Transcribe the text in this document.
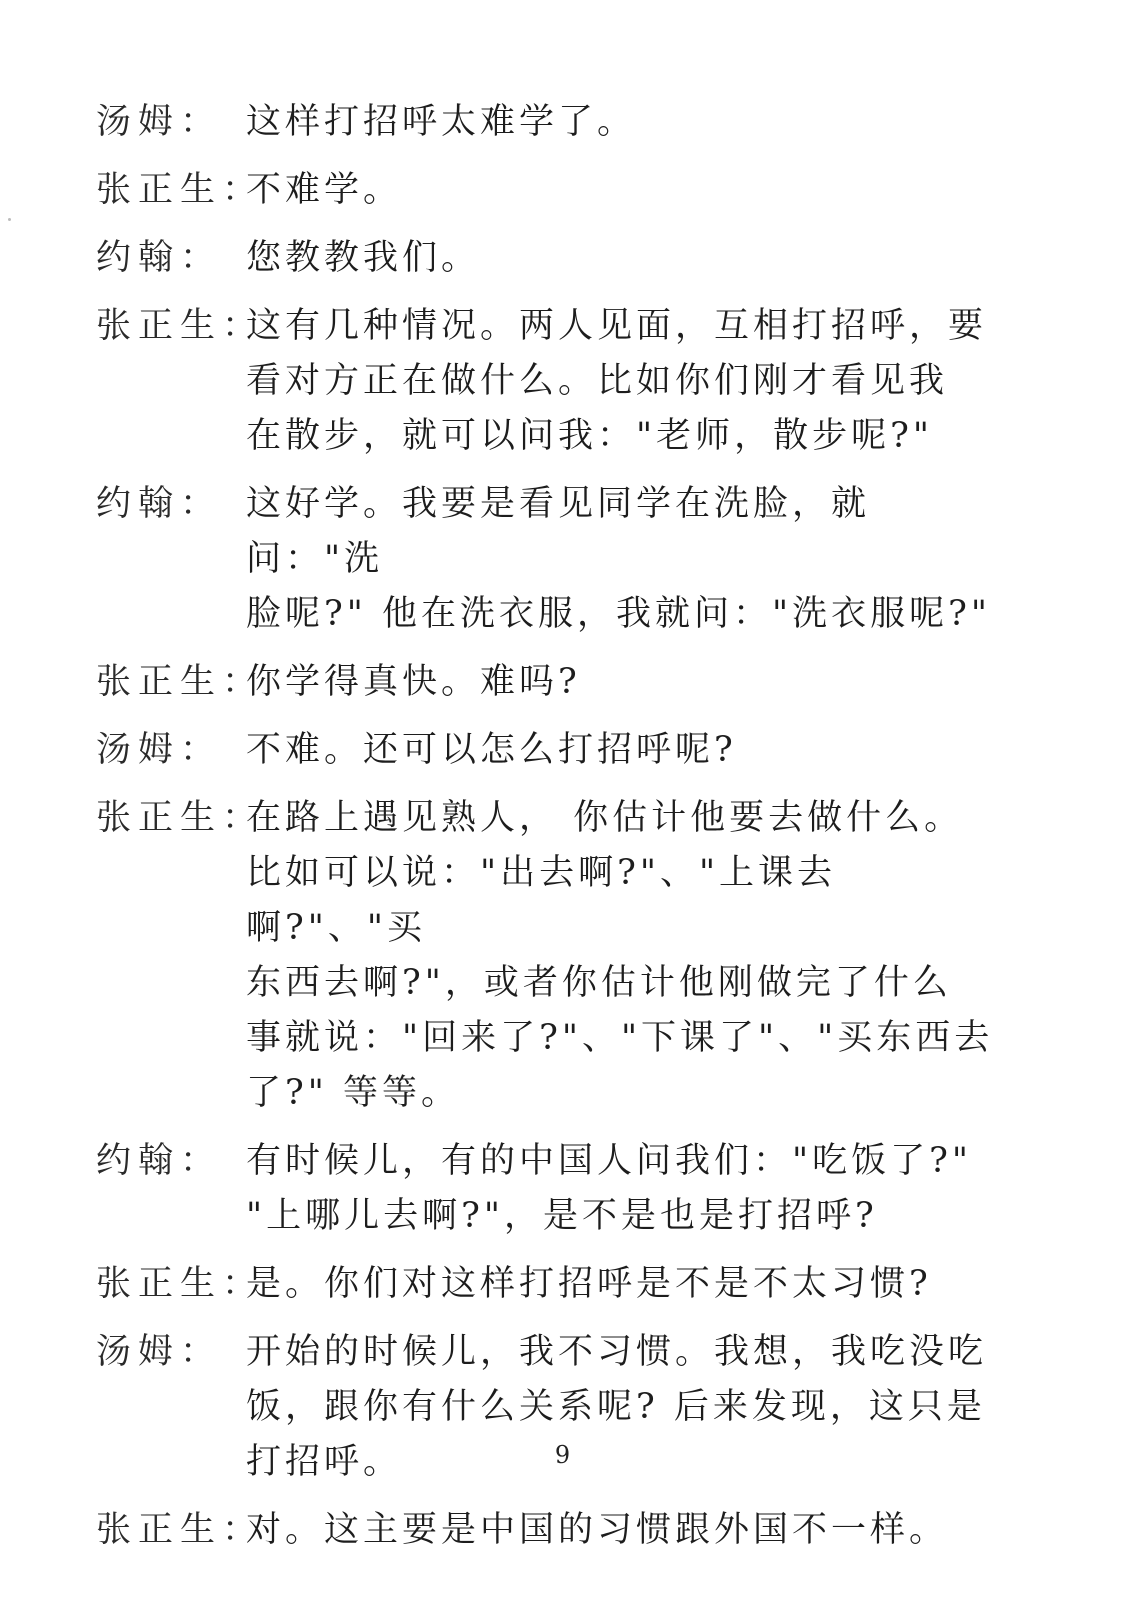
汤姆： 这样打招呼太难学了。
张正生：
不难学。
约翰： 您教教我们。
张正生：
这有几种情况。两人见面，互相打招呼，要
看对方正在做什么。比如你们刚才看见我
在散步，就可以问我："老师，散步呢?"
约翰： 这好学。我要是看见同学在洗脸，就问："洗
脸呢?" 他在洗衣服，我就问："洗衣服呢?"
张正生：
你学得真快。难吗?
汤姆： 不难。还可以怎么打招呼呢?
张正生：
在路上遇见熟人， 你估计他要去做什么。
比如可以说："出去啊?"、"上课去啊?"、"买
东西去啊?"，或者你估计他刚做完了什么
事就说："回来了?"、"下课了"、"买东西去
了?" 等等。
约翰： 有时候儿，有的中国人问我们："吃饭了?"
"上哪儿去啊?"，是不是也是打招呼?
张正生：
是。你们对这样打招呼是不是不太习惯?
汤姆： 开始的时候儿，我不习惯。我想，我吃没吃
饭，跟你有什么关系呢? 后来发现，这只是
打招呼。
张正生：
对。这主要是中国的习惯跟外国不一样。
9
